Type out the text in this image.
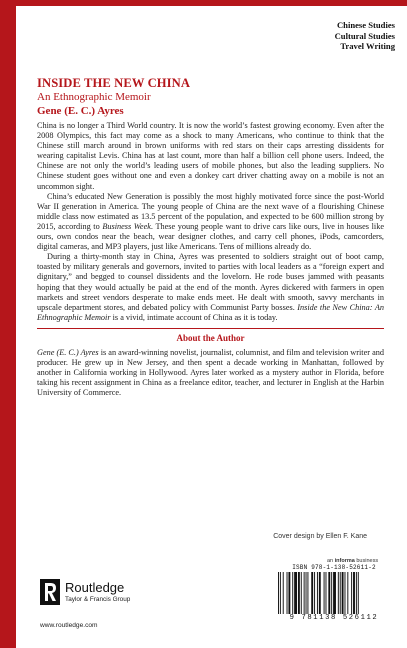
Chinese Studies
Cultural Studies
Travel Writing
INSIDE THE NEW CHINA
An Ethnographic Memoir
Gene (E. C.) Ayres

China is no longer a Third World country. It is now the world’s fastest growing economy. Even after the 2008 Olympics, this fact may come as a shock to many Americans, who continue to think that the Chinese still march around in brown uniforms with red stars on their caps arresting dissidents for wearing capitalist Levis. China has at last count, more than half a billion cell phone users. Indeed, the Chinese are not only the world’s leading users of mobile phones, but also the leading suppliers. No Chinese student goes without one and even a donkey cart driver chatting away on a mobile is not an uncommon sight.

China’s educated New Generation is possibly the most highly motivated force since the post-World War II generation in America. The young people of China are the next wave of a flourishing Chinese middle class now estimated as 13.5 percent of the population, and expected to be 600 million strong by 2015, according to Business Week. These young people want to drive cars like ours, live in houses like ours, own condos near the beach, wear designer clothes, and carry cell phones, iPods, camcorders, digital cameras, and MP3 players, just like Americans. Tens of millions already do.

During a thirty-month stay in China, Ayres was presented to soldiers straight out of boot camp, toasted by military generals and governors, invited to parties with local leaders as a “foreign expert and dignitary,” and begged to counsel dissidents and the lovelorn. He rode buses jammed with peasants hoping that they would actually be paid at the end of the month. Ayres dickered with farmers in open markets and street vendors desperate to make ends meet. He dealt with smooth, savvy merchants in upscale department stores, and debated policy with Communist Party bosses. Inside the New China: An Ethnographic Memoir is a vivid, intimate account of China as it is today.

About the Author

Gene (E. C.) Ayres is an award-winning novelist, journalist, columnist, and film and television writer and producer. He grew up in New Jersey, and then spent a decade working in Manhattan, followed by another in California working in Hollywood. Ayres later worked as a mystery author in Florida, before taking his recent assignment in China as a freelance editor, teacher, and lecturer in English at the Harbin University of Commerce.

Cover design by Ellen F. Kane
an informa business
ISBN 978-1-138-52611-2
9 781138 526112
Routledge
Taylor & Francis Group
www.routledge.com
